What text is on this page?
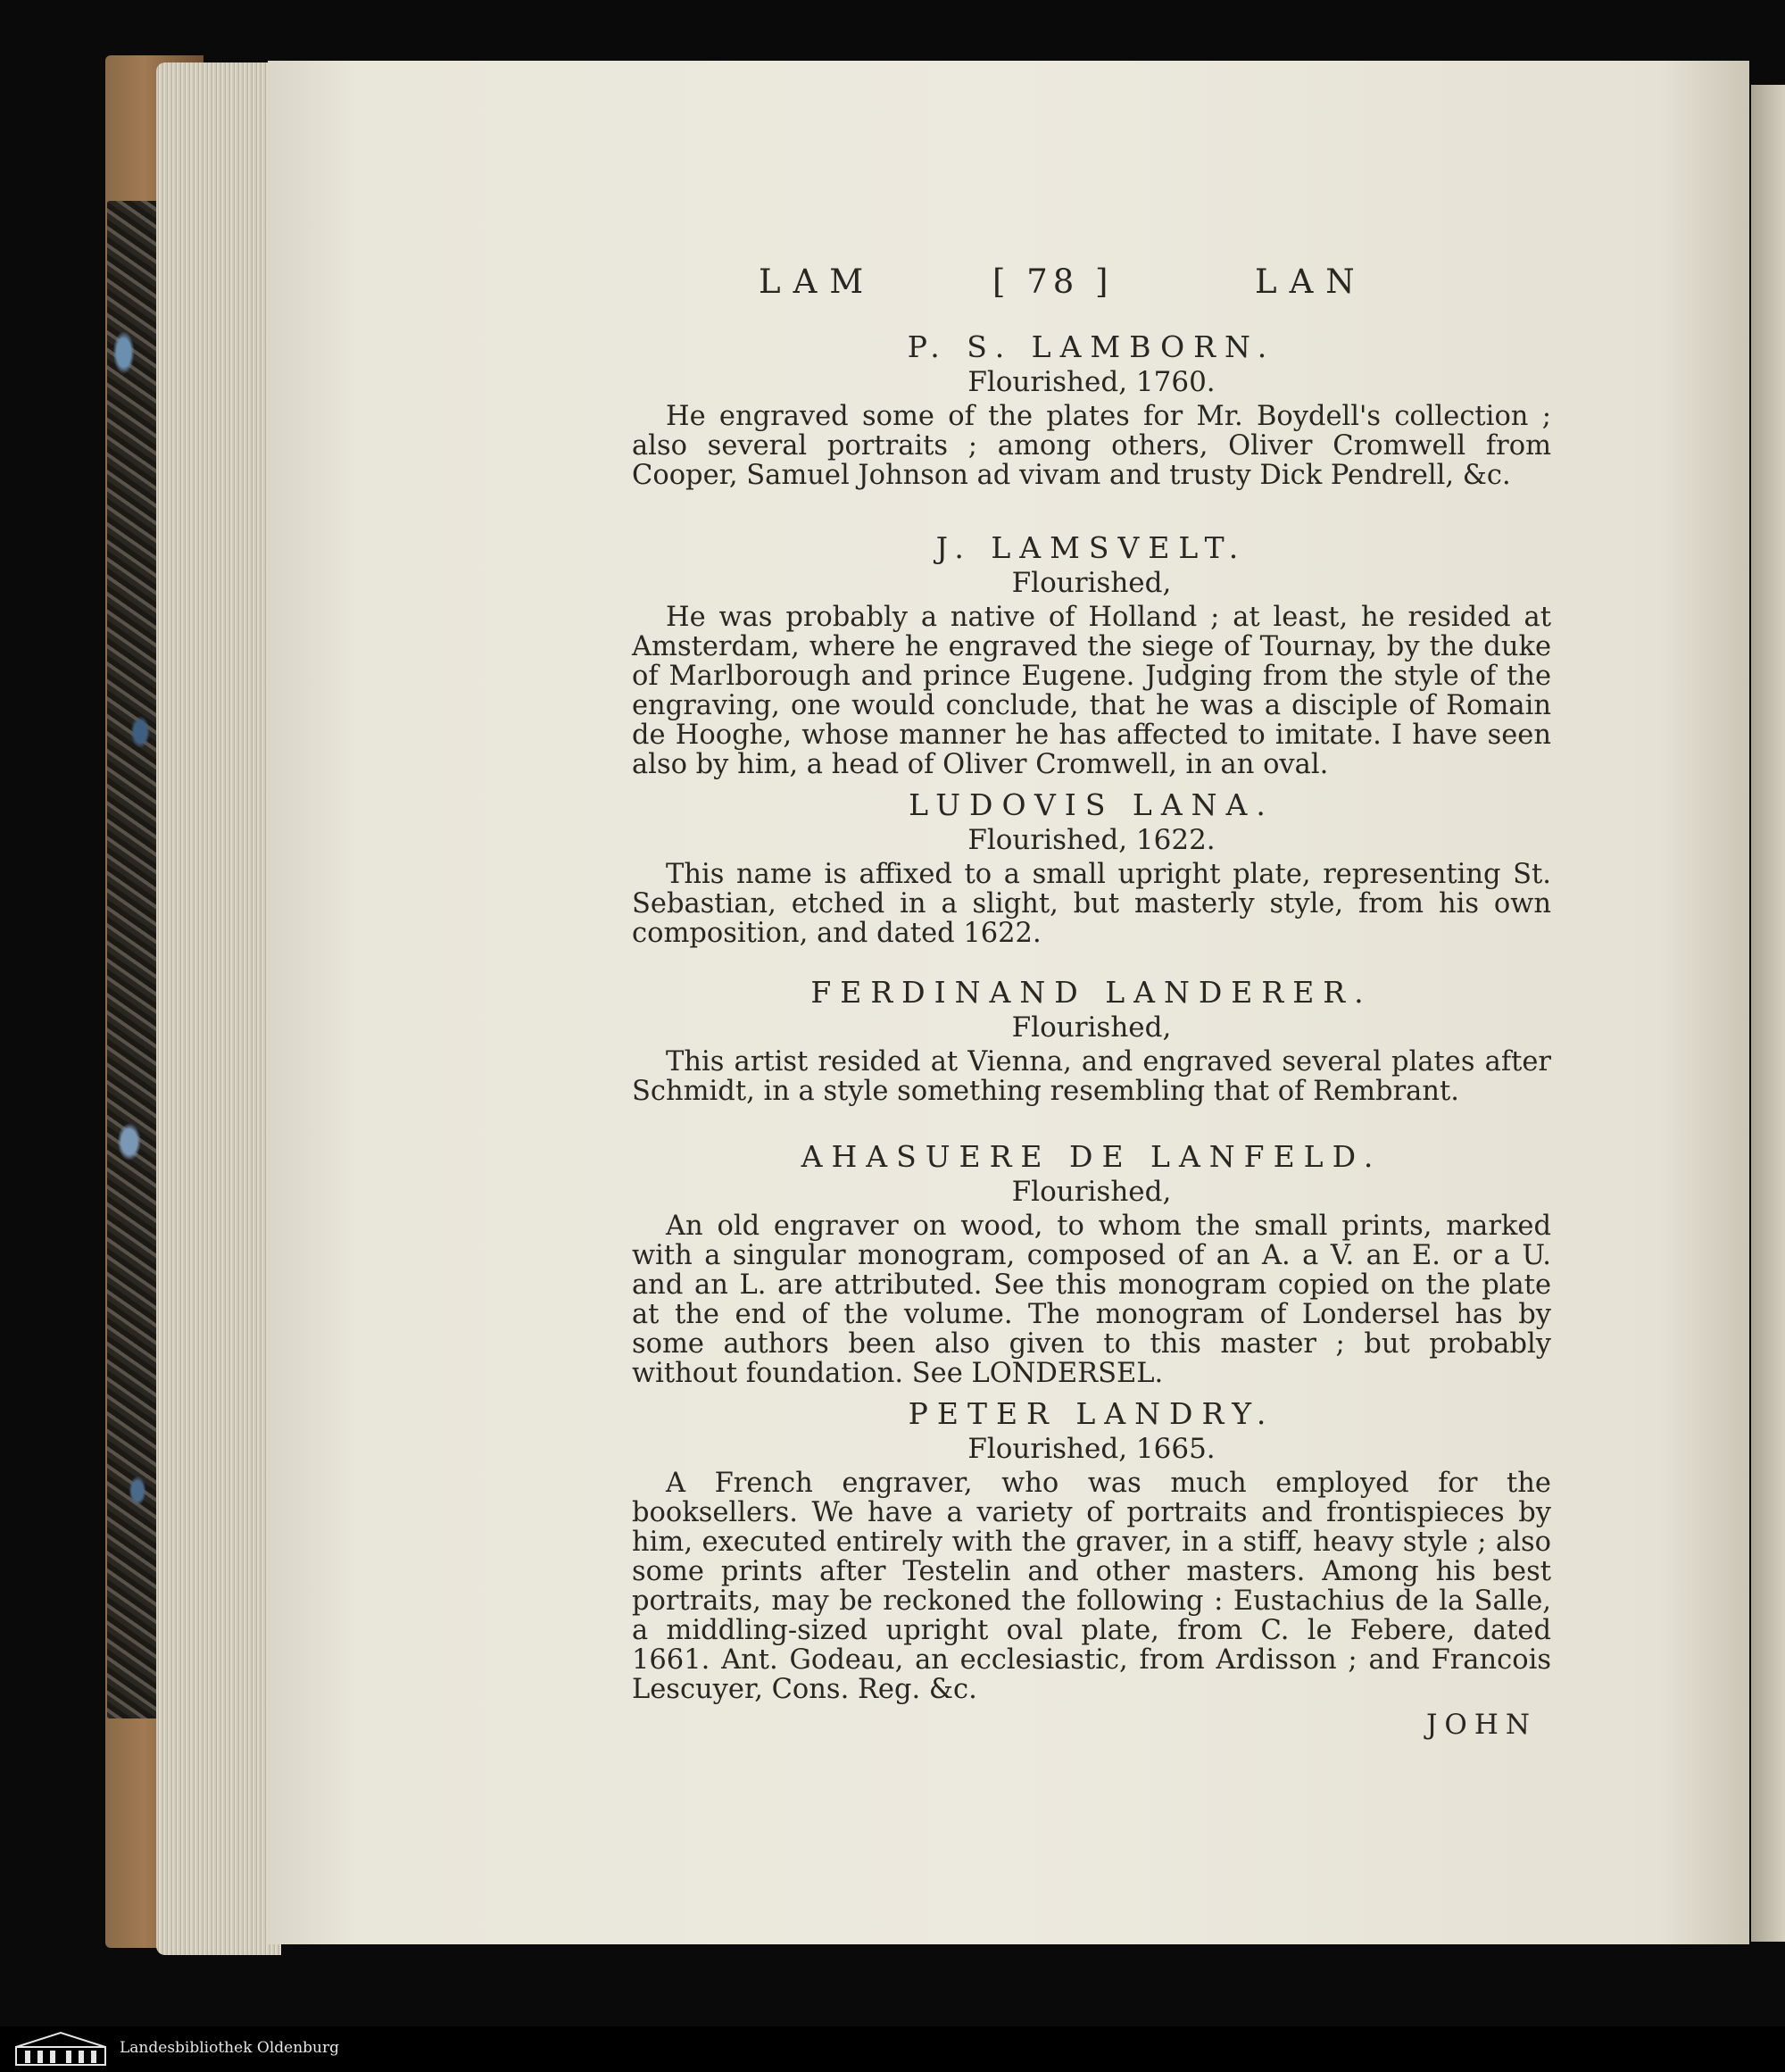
LAM	[ 78 ]	LAN

P. S. LAMBORN.

Flourished, 1760.

He engraved some of the plates for Mr. Boydell's collection ; also several portraits ; among others, Oliver Cromwell from Cooper, Samuel Johnson ad vivam and trusty Dick Pendrell, &c.

J. LAMSVELT.

Flourished,

He was probably a native of Holland ; at least, he resided at Amsterdam, where he engraved the siege of Tournay, by the duke of Marlborough and prince Eugene. Judging from the style of the engraving, one would conclude, that he was a disciple of Romain de Hooghe, whose manner he has affected to imitate. I have seen also by him, a head of Oliver Cromwell, in an oval.

LUDOVIS LANA.

Flourished, 1622.

This name is affixed to a small upright plate, representing St. Sebastian, etched in a slight, but masterly style, from his own composition, and dated 1622.

FERDINAND LANDERER.

Flourished,

This artist resided at Vienna, and engraved several plates after Schmidt, in a style something resembling that of Rembrant.

AHASUERE DE LANFELD.

Flourished,

An old engraver on wood, to whom the small prints, marked with a singular monogram, composed of an A. a V. an E. or a U. and an L. are attributed. See this monogram copied on the plate at the end of the volume. The monogram of Londersel has by some authors been also given to this master ; but probably without foundation. See LONDERSEL.

PETER LANDRY.

Flourished, 1665.

A French engraver, who was much employed for the booksellers. We have a variety of portraits and frontispieces by him, executed entirely with the graver, in a stiff, heavy style ; also some prints after Testelin and other masters. Among his best portraits, may be reckoned the following : Eustachius de la Salle, a middling-sized upright oval plate, from C. le Febere, dated 1661. Ant. Godeau, an ecclesiastic, from Ardisson ; and Francois Lescuyer, Cons. Reg. &c.

JOHN
Landesbibliothek Oldenburg
